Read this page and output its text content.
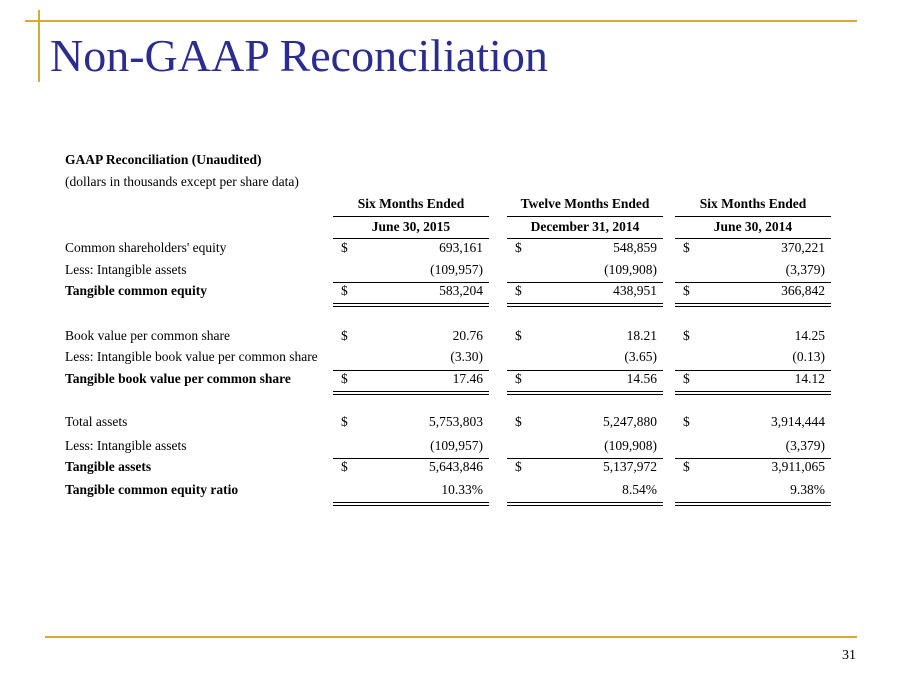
Non-GAAP Reconciliation
GAAP Reconciliation (Unaudited)
(dollars in thousands except per share data)
Six Months Ended	Twelve Months Ended	Six Months Ended
June 30, 2015	December 31, 2014	June 30, 2014
Common shareholders' equity	$	693,161 $	548,859 $	370,221
Less: Intangible assets	(109,957)	(109,908)	(3,379)
Tangible common equity	$	583,204 $	438,951 $	366,842
Book value per common share	$	20.76 $	18.21 $	14.25
Less: Intangible book value per common share	(3.30)	(3.65)	(0.13)
Tangible book value per common share	$	17.46 $	14.56 $	14.12
Total assets	$	5,753,803 $	5,247,880 $	3,914,444
Less: Intangible assets	(109,957)	(109,908)	(3,379)
Tangible assets	$	5,643,846 $	5,137,972 $	3,911,065
Tangible common equity ratio	10.33%	8.54%	9.38%
31
